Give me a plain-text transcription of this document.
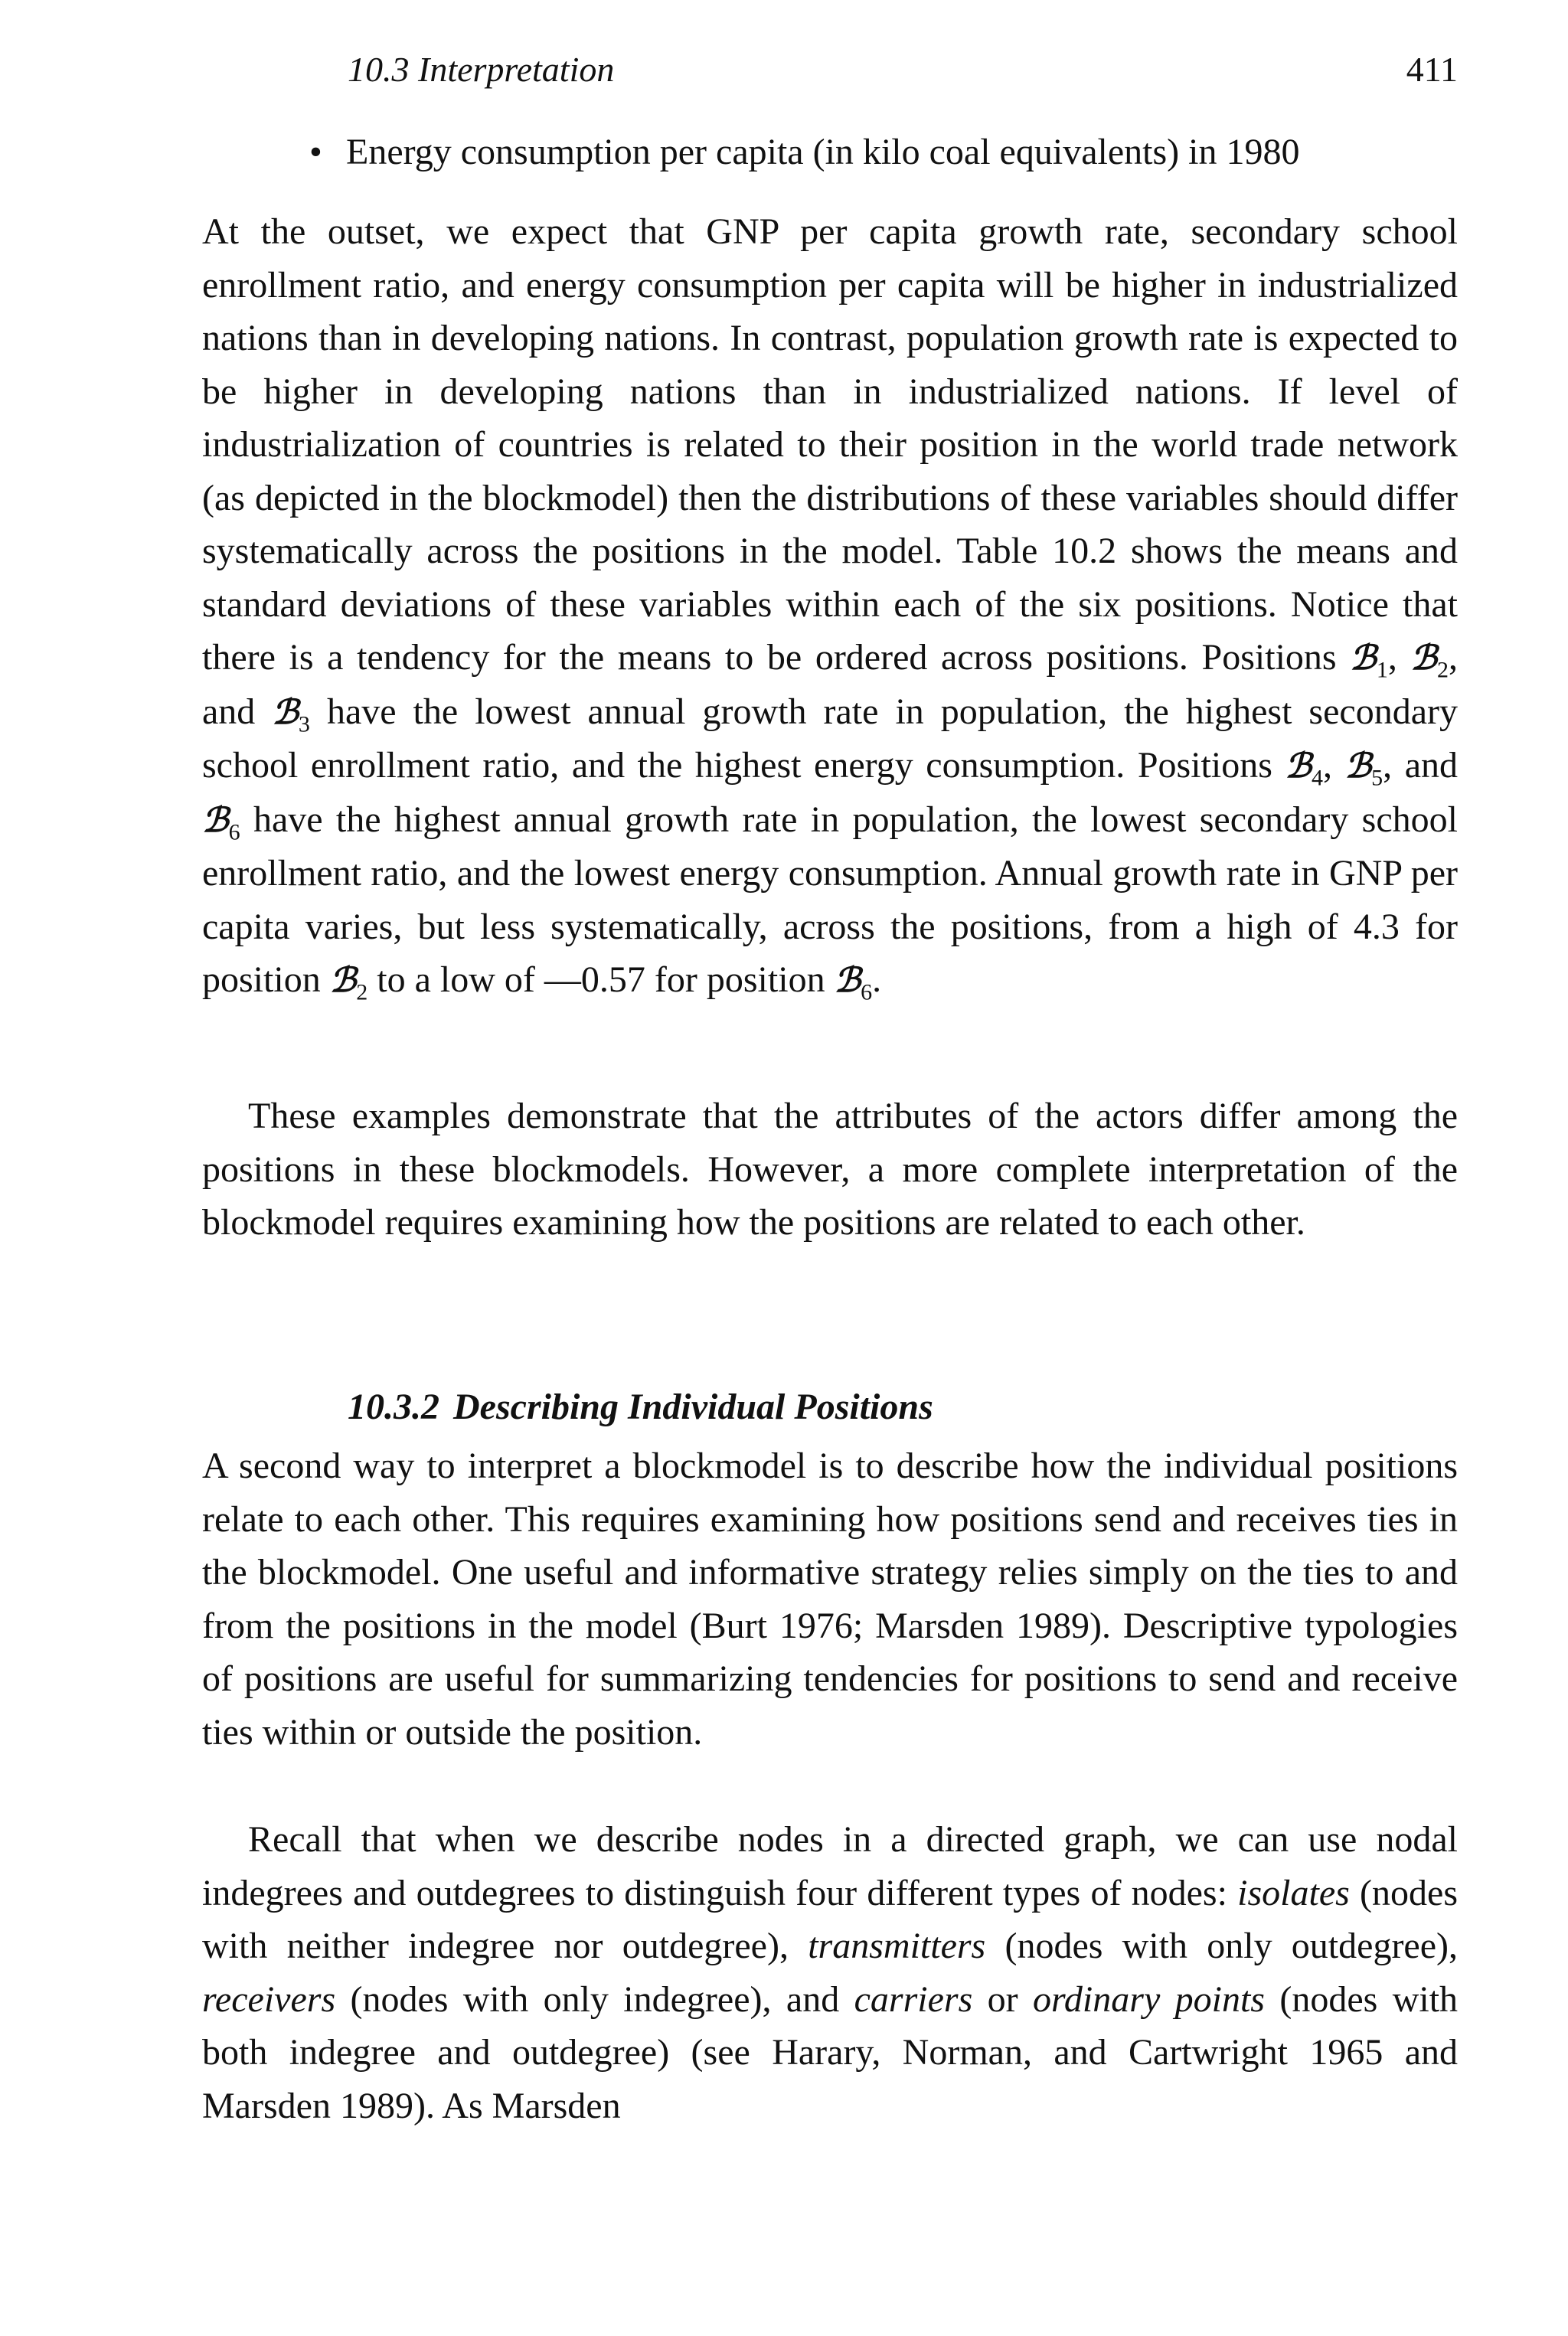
10.3 Interpretation	411
• Energy consumption per capita (in kilo coal equivalents) in 1980

At the outset, we expect that GNP per capita growth rate, secondary school enrollment ratio, and energy consumption per capita will be higher in industrialized nations than in developing nations. In contrast, population growth rate is expected to be higher in developing nations than in industrialized nations. If level of industrialization of countries is related to their position in the world trade network (as depicted in the blockmodel) then the distributions of these variables should differ systematically across the positions in the model. Table 10.2 shows the means and standard deviations of these variables within each of the six positions. Notice that there is a tendency for the means to be ordered across positions. Positions ℬ$_1$, ℬ$_2$, and ℬ$_3$ have the lowest annual growth rate in population, the highest secondary school enrollment ratio, and the highest energy consumption. Positions ℬ$_4$, ℬ$_5$, and ℬ$_6$ have the highest annual growth rate in population, the lowest secondary school enrollment ratio, and the lowest energy consumption. Annual growth rate in GNP per capita varies, but less systematically, across the positions, from a high of 4.3 for position ℬ$_2$ to a low of —0.57 for position ℬ$_6$.

These examples demonstrate that the attributes of the actors differ among the positions in these blockmodels. However, a more complete interpretation of the blockmodel requires examining how the positions are related to each other.

10.3.2 Describing Individual Positions

A second way to interpret a blockmodel is to describe how the individual positions relate to each other. This requires examining how positions send and receives ties in the blockmodel. One useful and informative strategy relies simply on the ties to and from the positions in the model (Burt 1976; Marsden 1989). Descriptive typologies of positions are useful for summarizing tendencies for positions to send and receive ties within or outside the position.

Recall that when we describe nodes in a directed graph, we can use nodal indegrees and outdegrees to distinguish four different types of nodes: isolates (nodes with neither indegree nor outdegree), transmitters (nodes with only outdegree), receivers (nodes with only indegree), and carriers or ordinary points (nodes with both indegree and outdegree) (see Harary, Norman, and Cartwright 1965 and Marsden 1989). As Marsden
